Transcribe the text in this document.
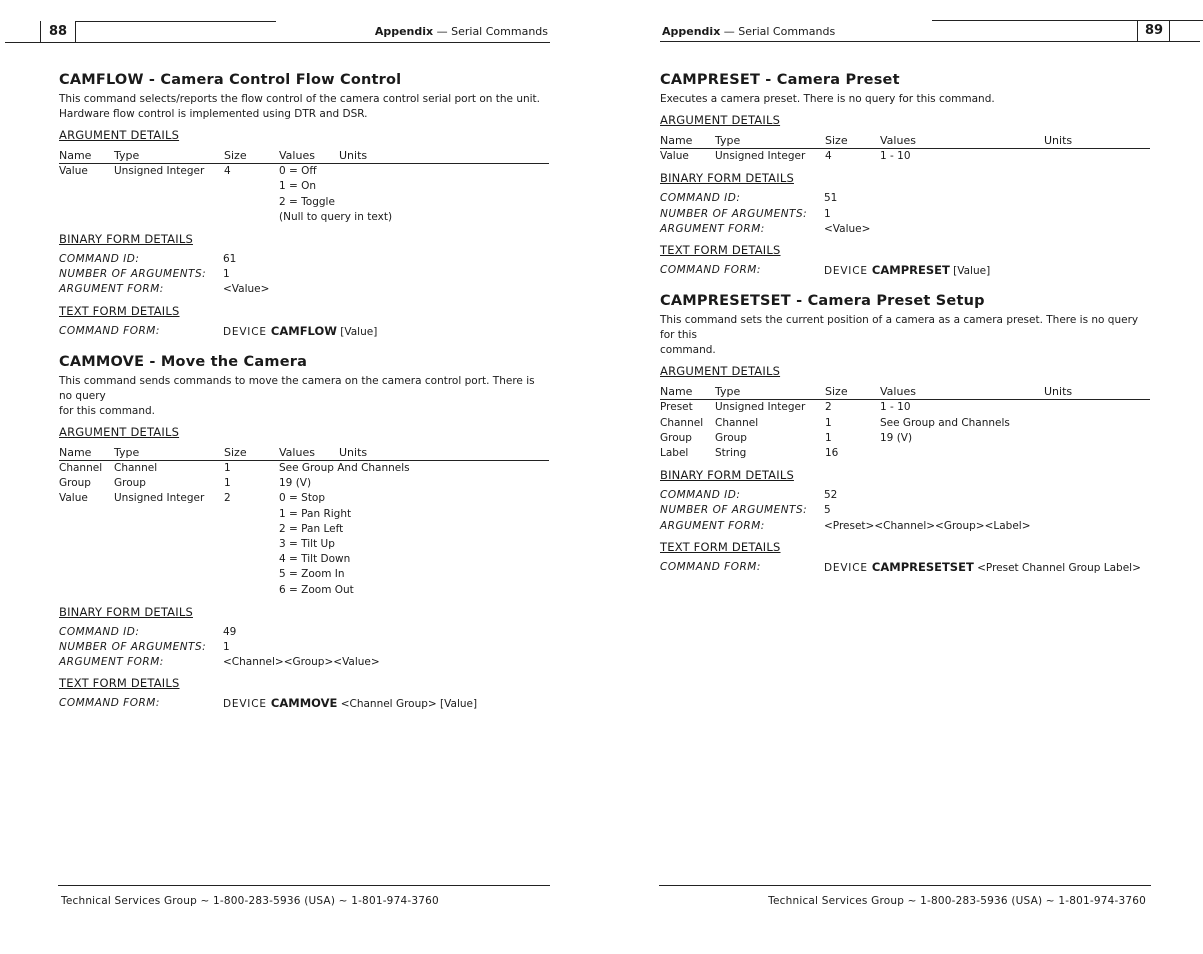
88	Appendix — Serial Commands
CAMFLOW - Camera Control Flow Control

This command selects/reports the flow control of the camera control serial port on the unit.
Hardware flow control is implemented using DTR and DSR.

ARGUMENT DETAILS
Name	Type	Size	Values	Units
Value	Unsigned Integer	4	0 = Off
1 = On
2 = Toggle
(Null to query in text)
BINARY FORM DETAILS
COMMAND ID:	61
NUMBER OF ARGUMENTS:	1
ARGUMENT FORM:	<Value>
TEXT FORM DETAILS
COMMAND FORM:	DEVICE CAMFLOW [Value]
CAMMOVE - Move the Camera

This command sends commands to move the camera on the camera control port. There is no query
for this command.

ARGUMENT DETAILS
Name	Type	Size	Values	Units
Channel	Channel	1	See Group And Channels
Group	Group	1	19 (V)
Value	Unsigned Integer	2	0 = Stop
1 = Pan Right
2 = Pan Left
3 = Tilt Up
4 = Tilt Down
5 = Zoom In
6 = Zoom Out
BINARY FORM DETAILS
COMMAND ID:	49
NUMBER OF ARGUMENTS:	1
ARGUMENT FORM:	<Channel><Group><Value>
TEXT FORM DETAILS
COMMAND FORM:	DEVICE CAMMOVE <Channel Group> [Value]
Technical Services Group ~ 1-800-283-5936 (USA) ~ 1-801-974-3760
89
Appendix — Serial Commands
CAMPRESET - Camera Preset

Executes a camera preset. There is no query for this command.

ARGUMENT DETAILS
Name	Type	Size	Values	Units
Value	Unsigned Integer	4	1 - 10
BINARY FORM DETAILS
COMMAND ID:	51
NUMBER OF ARGUMENTS:	1
ARGUMENT FORM:	<Value>
TEXT FORM DETAILS
COMMAND FORM:	DEVICE CAMPRESET [Value]
CAMPRESETSET - Camera Preset Setup

This command sets the current position of a camera as a camera preset. There is no query for this
command.

ARGUMENT DETAILS
Name	Type	Size	Values	Units
Preset	Unsigned Integer	2	1 - 10
Channel	Channel	1	See Group and Channels
Group	Group	1	19 (V)
Label	String	16
BINARY FORM DETAILS
COMMAND ID:	52
NUMBER OF ARGUMENTS:	5
ARGUMENT FORM:	<Preset><Channel><Group><Label>
TEXT FORM DETAILS
COMMAND FORM:	DEVICE CAMPRESETSET <Preset Channel Group Label>
Technical Services Group ~ 1-800-283-5936 (USA) ~ 1-801-974-3760
